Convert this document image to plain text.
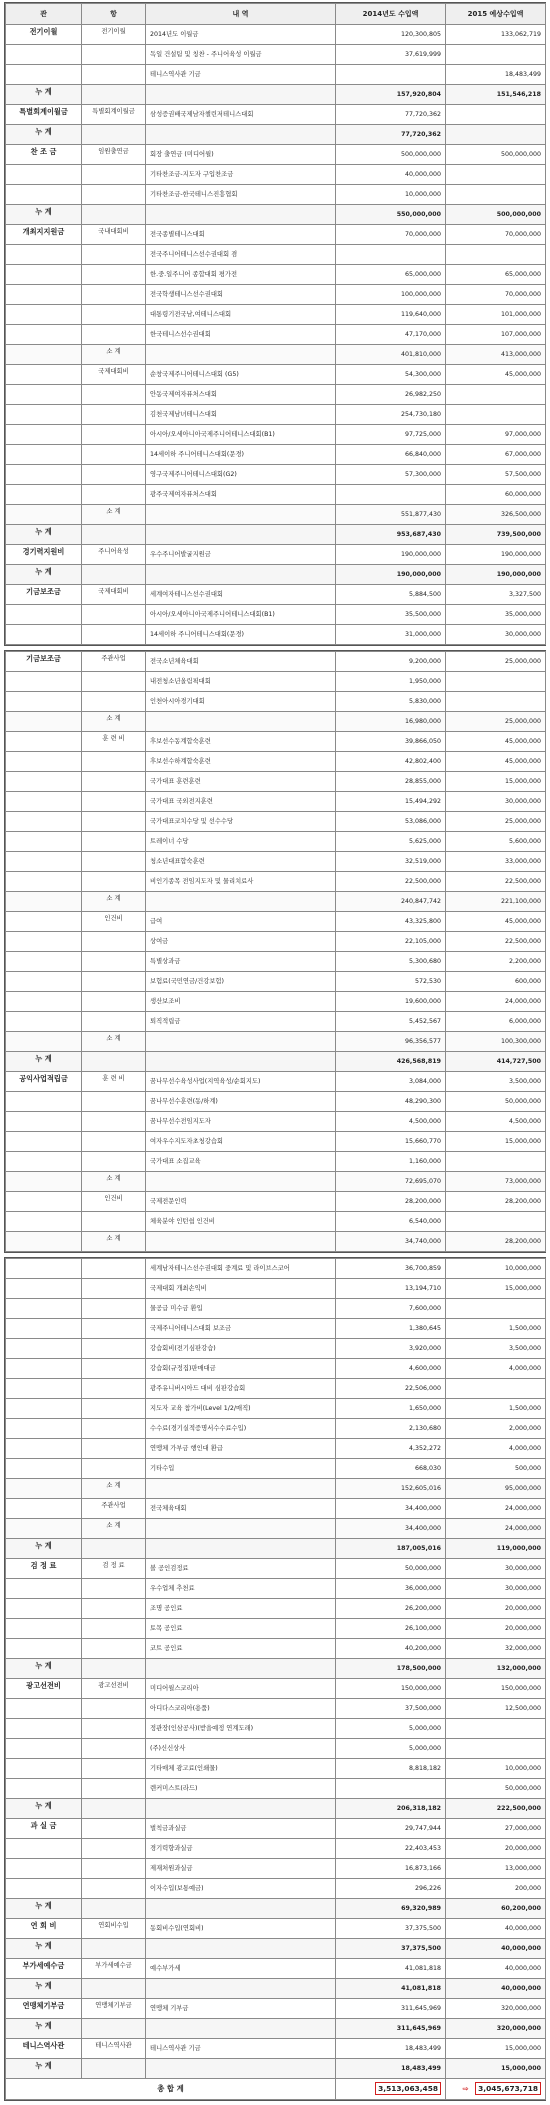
관	항	내 역	2014년도 수입액	2015 예상수입액
전기이월	전기이월	2014년도 이월금	120,300,805	133,062,719
		독일 건설팀 및 칭찬 - 주니어육성 이월금	37,619,999	
		테니스역사관 기금		18,483,499
누 계			157,920,804	151,546,218
특별회계이월금	특별회계이월금	삼성증권배국제남자챌린저테니스대회	77,720,362	
누 계			77,720,362	
찬 조 금	임원출연금	회장 출연금 (미디어윌)	500,000,000	500,000,000
		기타찬조금-지도자 구입찬조금	40,000,000	
		기타찬조금-한국테니스진흥협회	10,000,000	
누 계			550,000,000	500,000,000
개최지지원금	국내대회비	전국종별테니스대회	70,000,000	70,000,000
		전국주니어테니스선수권대회 겸		
		한.중.일주니어 종합대회 평가전	65,000,000	65,000,000
		전국학생테니스선수권대회	100,000,000	70,000,000
		대통령기전국남,여테니스대회	119,640,000	101,000,000
		한국테니스선수권대회	47,170,000	107,000,000
	소 계		401,810,000	413,000,000
	국제대회비	순창국제주니어테니스대회 (G5)	54,300,000	45,000,000
		안동국제여자퓨처스대회	26,982,250	
		김천국제남녀테니스대회	254,730,180	
		아시아/오세아니아국제주니어테니스대회(B1)	97,725,000	97,000,000
		14세이하 주니어테니스대회(문경)	66,840,000	67,000,000
		영구국제주니어테니스대회(G2)	57,300,000	57,500,000
		광주국제여자퓨처스대회		60,000,000
	소 계		551,877,430	326,500,000
누 계			953,687,430	739,500,000
경기력지원비	주니어육성	우수주니어발굴지원금	190,000,000	190,000,000
누 계			190,000,000	190,000,000
기금보조금	국제대회비	세계여자테니스선수권대회	5,884,500	3,327,500
		아시아/오세아니아국제주니어테니스대회(B1)	35,500,000	35,000,000
		14세이하 주니어테니스대회(문경)	31,000,000	30,000,000
기금보조금	주관사업	전국소년체육대회	9,200,000	25,000,000
		내전청소년올림픽대회	1,950,000	
		인천아시아경기대회	5,830,000	
	소 계		16,980,000	25,000,000
	훈 련 비	후보선수동계합숙훈련	39,866,050	45,000,000
		후보선수하계합숙훈련	42,802,400	45,000,000
		국가대표 훈련훈련	28,855,000	15,000,000
		국가대표 국외전지훈련	15,494,292	30,000,000
		국가대표코치수당 및 선수수당	53,086,000	25,000,000
		트레이너 수당	5,625,000	5,600,000
		청소년대표합숙훈련	32,519,000	33,000,000
		비인기종목 전임지도자 및 물리치료사	22,500,000	22,500,000
	소 계		240,847,742	221,100,000
	인건비	급여	43,325,800	45,000,000
		상여금	22,105,000	22,500,000
		특별상과금	5,300,680	2,200,000
		보험료(국민연금/건강보험)	572,530	600,000
		생산보조비	19,600,000	24,000,000
		퇴직적립금	5,452,567	6,000,000
	소 계		96,356,577	100,300,000
누 계			426,568,819	414,727,500
공익사업적립금	훈 련 비	꿈나무선수육성사업(지역육성/순회지도)	3,084,000	3,500,000
		꿈나무선수훈련(동/하계)	48,290,300	50,000,000
		꿈나무선수전임지도자	4,500,000	4,500,000
		여자우수지도자초청강습회	15,660,770	15,000,000
		국가대표 소집교육	1,160,000	
	소 계		72,695,070	73,000,000
	인건비	국제전문인력	28,200,000	28,200,000
		체육분야 인턴쉽 인건비	6,540,000	
	소 계		34,740,000	28,200,000
		세계남자테니스선수권대회 중계료 및 라이브스코어	36,700,859	10,000,000
		국제대회 개최손익비	13,194,710	15,000,000
		물공급 미수금 환입	7,600,000	
		국제주니어테니스대회 보조금	1,380,645	1,500,000
		강습회비(전기심판강습)	3,920,000	3,500,000
		강습회(규정집)판매대금	4,600,000	4,000,000
		광주유니버시아드 대비 심판강습회	22,506,000	
		지도자 교육 참가비(Level 1/2/매직)	1,650,000	1,500,000
		수수료(경기실적증명서수수료수입)	2,130,680	2,000,000
		연맹체 가부금 행인대 환급	4,352,272	4,000,000
		기타수입	668,030	500,000
	소 계		152,605,016	95,000,000
	주관사업	전국체육대회	34,400,000	24,000,000
	소 계		34,400,000	24,000,000
누 계			187,005,016	119,000,000
검 정 료	검 정 료	볼 공인검정료	50,000,000	30,000,000
		우수업체 추천료	36,000,000	30,000,000
		조명 공인료	26,200,000	20,000,000
		토목 공인료	26,100,000	20,000,000
		코트 공인료	40,200,000	32,000,000
누 계			178,500,000	132,000,000
광고선전비	광고선전비	미디어윌스코리아	150,000,000	150,000,000
		아디다스코리아(용품)	37,500,000	12,500,000
		정관장(인삼공사)(받을예정 연계도래)	5,000,000	
		(주)신신상사	5,000,000	
		기타매체 광고료(인쇄물)	8,818,182	10,000,000
		렌커미스트(라드)		50,000,000
누 계			206,318,182	222,500,000
과 실 금		벌칙금과실금	29,747,944	27,000,000
		경기력향과실금	22,403,453	20,000,000
		제재처원과실금	16,873,166	13,000,000
		이자수입(보통예금)	296,226	200,000
누 계			69,320,989	60,200,000
연 회 비	연회비수입	동회비수입(연회비)	37,375,500	40,000,000
누 계			37,375,500	40,000,000
부가세예수금	부가세예수금	예수부가세	41,081,818	40,000,000
누 계			41,081,818	40,000,000
연맹체기부금	연맹체기부금	연맹체 기부금	311,645,969	320,000,000
누 계			311,645,969	320,000,000
테니스역사관	테니스역사관	테니스역사관 기금	18,483,499	15,000,000
누 계			18,483,499	15,000,000
총 합 계			3,513,063,458	⇨ 3,045,673,718
